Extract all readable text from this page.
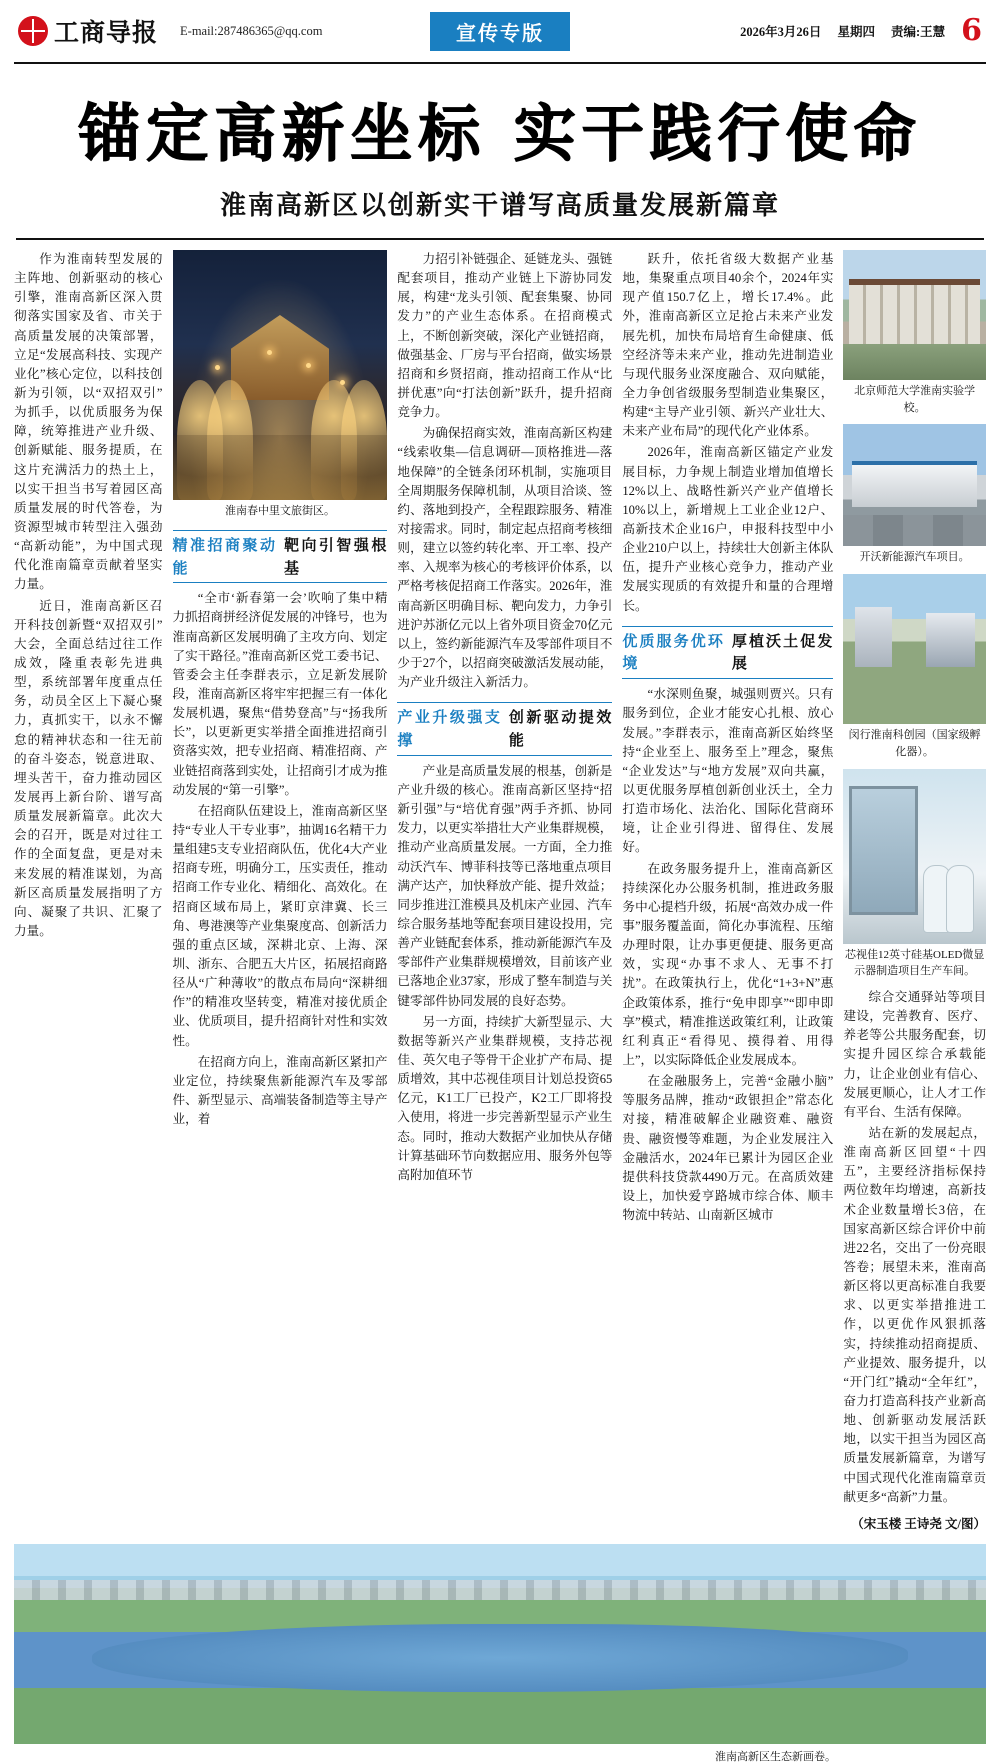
工商导报 E-mail:287486365@qq.com	宣传专版	2026年3月26日 星期四 责编:王慧 6
锚定高新坐标 实干践行使命
淮南高新区以创新实干谱写高质量发展新篇章

作为淮南转型发展的主阵地、创新驱动的核心引擎，淮南高新区深入贯彻落实国家及省、市关于高质量发展的决策部署，立足“发展高科技、实现产业化”核心定位，以科技创新为引领，以“双招双引”为抓手，以优质服务为保障，统筹推进产业升级、创新赋能、服务提质，在这片充满活力的热土上，以实干担当书写着园区高质量发展的时代答卷，为资源型城市转型注入强劲“高新动能”，为中国式现代化淮南篇章贡献着坚实力量。

近日，淮南高新区召开科技创新暨“双招双引”大会，全面总结过往工作成效，隆重表彰先进典型，系统部署年度重点任务，动员全区上下凝心聚力，真抓实干，以永不懈怠的精神状态和一往无前的奋斗姿态，锐意进取、埋头苦干，奋力推动园区发展再上新台阶、谱写高质量发展新篇章。此次大会的召开，既是对过往工作的全面复盘，更是对未来发展的精准谋划，为高新区高质量发展指明了方向、凝聚了共识、汇聚了力量。

淮南春中里文旅街区。
精准招商聚动能
靶向引智强根基

“全市‘新春第一会’吹响了集中精力抓招商拼经济促发展的冲锋号，也为淮南高新区发展明确了主攻方向、划定了实干路径。”淮南高新区党工委书记、管委会主任李群表示，立足新发展阶段，淮南高新区将牢牢把握三有一体化发展机遇，聚焦“借势登高”与“扬我所长”，以更新更实举措全面推进招商引资落实效，把专业招商、精准招商、产业链招商落到实处，让招商引才成为推动发展的“第一引擎”。

在招商队伍建设上，淮南高新区坚持“专业人干专业事”，抽调16名精干力量组建5支专业招商队伍，优化4大产业招商专班，明确分工，压实责任，推动招商工作专业化、精细化、高效化。在招商区域布局上，紧盯京津冀、长三角、粤港澳等产业集聚度高、创新活力强的重点区域，深耕北京、上海、深圳、浙东、合肥五大片区，拓展招商路径从“广种薄收”的散点布局向“深耕细作”的精准攻坚转变，精准对接优质企业、优质项目，提升招商针对性和实效性。

在招商方向上，淮南高新区紧扣产业定位，持续聚焦新能源汽车及零部件、新型显示、高端装备制造等主导产业，着

力招引补链强企、延链龙头、强链配套项目，推动产业链上下游协同发展，构建“龙头引领、配套集聚、协同发力”的产业生态体系。在招商模式上，不断创新突破，深化产业链招商，做强基金、厂房与平台招商，做实场景招商和乡贤招商，推动招商工作从“比拼优惠”向“打法创新”跃升，提升招商竞争力。

为确保招商实效，淮南高新区构建“线索收集—信息调研—顶格推进—落地保障”的全链条闭环机制，实施项目全周期服务保障机制，从项目洽谈、签约、落地到投产，全程跟踪服务、精准对接需求。同时，制定起点招商考核细则，建立以签约转化率、开工率、投产率、入规率为核心的考核评价体系，以严格考核促招商工作落实。2026年，淮南高新区明确目标、靶向发力，力争引进沪苏浙亿元以上省外项目资金70亿元以上，签约新能源汽车及零部件项目不少于27个，以招商突破激活发展动能，为产业升级注入新活力。

产业升级强支撑
创新驱动提效能

产业是高质量发展的根基，创新是产业升级的核心。淮南高新区坚持“招新引强”与“培优育强”两手齐抓、协同发力，以更实举措壮大产业集群规模，推动产业高质量发展。一方面，全力推动沃汽车、博菲科技等已落地重点项目满产达产，加快释放产能、提升效益；同步推进江淮模具及机床产业园、汽车综合服务基地等配套项目建设投用，完善产业链配套体系，推动新能源汽车及零部件产业集群规模增效，目前该产业已落地企业37家，形成了整车制造与关键零部件协同发展的良好态势。

另一方面，持续扩大新型显示、大数据等新兴产业集群规模，支持芯视佳、英欠电子等骨干企业扩产布局、提质增效，其中芯视佳项目计划总投资65亿元，K1工厂已投产，K2工厂即将投入使用，将进一步完善新型显示产业生态。同时，推动大数据产业加快从存储计算基础环节向数据应用、服务外包等高附加值环节

跃升，依托省级大数据产业基地，集聚重点项目40余个，2024年实现产值150.7亿上，增长17.4%。此外，淮南高新区立足抢占未来产业发展先机，加快布局培育生命健康、低空经济等未来产业，推动先进制造业与现代服务业深度融合、双向赋能，全力争创省级服务型制造业集聚区，构建“主导产业引领、新兴产业壮大、未来产业布局”的现代化产业体系。

2026年，淮南高新区锚定产业发展目标，力争规上制造业增加值增长12%以上、战略性新兴产业产值增长10%以上，新增规上工业企业12户、高新技术企业16户，申报科技型中小企业210户以上，持续壮大创新主体队伍，提升产业核心竞争力，推动产业发展实现质的有效提升和量的合理增长。

优质服务优环境
厚植沃土促发展

“水深则鱼聚，城强则贾兴。只有服务到位，企业才能安心扎根、放心发展。”李群表示，淮南高新区始终坚持“企业至上、服务至上”理念，聚焦“企业发达”与“地方发展”双向共赢，以更优服务厚植创新创业沃土，全力打造市场化、法治化、国际化营商环境，让企业引得进、留得住、发展好。

在政务服务提升上，淮南高新区持续深化办公服务机制，推进政务服务中心提档升级，拓展“高效办成一件事”服务覆盖面，简化办事流程、压缩办理时限，让办事更便捷、服务更高效，实现“办事不求人、无事不打扰”。在政策执行上，优化“1+3+N”惠企政策体系，推行“免申即享”“即申即享”模式，精准推送政策红利，让政策红利真正“看得见、摸得着、用得上”，以实际降低企业发展成本。

在金融服务上，完善“金融小脑”等服务品牌，推动“政银担企”常态化对接，精准破解企业融资难、融资贵、融资慢等难题，为企业发展注入金融活水，2024年已累计为园区企业提供科技贷款4490万元。在高质效建设上，加快爱亨路城市综合体、顺丰物流中转站、山南新区城市

北京师范大学淮南实验学校。
开沃新能源汽车项目。
闵行淮南科创园（国家级孵化器）。
芯视佳12英寸硅基OLED微显示器制造项目生产车间。

综合交通驿站等项目建设，完善教育、医疗、养老等公共服务配套，切实提升园区综合承载能力，让企业创业有信心、发展更顺心，让人才工作有平台、生活有保障。

站在新的发展起点，淮南高新区回望“十四五”，主要经济指标保持两位数年均增速，高新技术企业数量增长3倍，在国家高新区综合评价中前进22名，交出了一份亮眼答卷；展望未来，淮南高新区将以更高标准自我要求、以更实举措推进工作，以更优作风狠抓落实，持续推动招商提质、产业提效、服务提升，以“开门红”撬动“全年红”，奋力打造高科技产业新高地、创新驱动发展活跃地，以实干担当为园区高质量发展新篇章，为谱写中国式现代化淮南篇章贡献更多“高新”力量。

（宋玉楼 王诗尧 文/图）
淮南高新区生态新画卷。
